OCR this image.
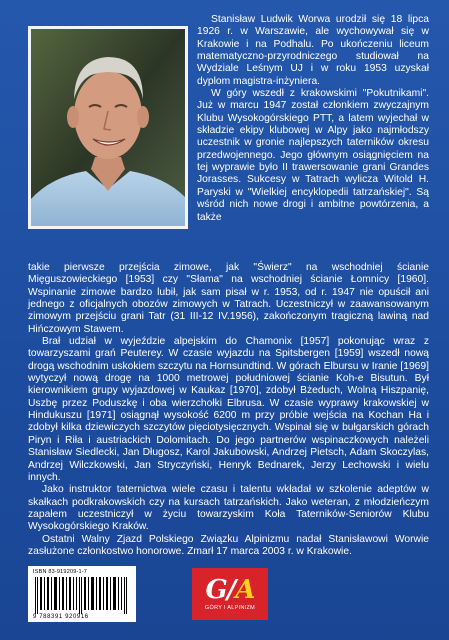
Stanisław Ludwik Worwa urodził się 18 lipca 1926 r. w Warszawie, ale wychowywał się w Krakowie i na Podhalu. Po ukończeniu liceum matematyczno-przyrodniczego studiował na Wydziale Leśnym UJ i w roku 1953 uzyskał dyplom magistra-inżyniera.

W góry wszedł z krakowskimi "Pokutnikami". Już w marcu 1947 został członkiem zwyczajnym Klubu Wysokogórskiego PTT, a latem wyjechał w składzie ekipy klubowej w Alpy jako najmłodszy uczestnik w gronie najlepszych taterników okresu przedwojennego. Jego głównym osiągnięciem na tej wyprawie było II trawersowanie grani Grandes Jorasses. Sukcesy w Tatrach wylicza Witold H. Paryski w "Wielkiej encyklopedii tatrzańskiej". Są wśród nich nowe drogi i ambitne powtórzenia, a także

takie pierwsze przejścia zimowe, jak "Świerz" na wschodniej ścianie Mięguszowieckiego [1953] czy "Słama" na wschodniej ścianie Łomnicy [1960]. Wspinanie zimowe bardzo lubił, jak sam pisał w r. 1953, od r. 1947 nie opuścił ani jednego z oficjalnych obozów zimowych w Tatrach. Uczestniczył w zaawansowanym zimowym przejściu grani Tatr (31 III-12 IV.1956), zakończonym tragiczną lawiną nad Hińczowym Stawem.

Brał udział w wyjeździe alpejskim do Chamonix [1957] pokonując wraz z towarzyszami grań Peuterey. W czasie wyjazdu na Spitsbergen [1959] wszedł nową drogą wschodnim uskokiem szczytu na Hornsundtind. W górach Elbursu w Iranie [1969] wytyczył nową drogę na 1000 metrowej południowej ścianie Koh-e Bisutun. Był kierownikiem grupy wyjazdowej w Kaukaz [1970], zdobył Bżeduch, Wolną Hiszpanię, Uszbę przez Poduszkę i oba wierzchołki Elbrusa. W czasie wyprawy krakowskiej w Hindukuszu [1971] osiągnął wysokość 6200 m przy próbie wejścia na Kochan Ha i zdobył kilka dziewiczych szczytów pięciotysięcznych. Wspinał się w bułgarskich górach Piryn i Riła i austriackich Dolomitach. Do jego partnerów wspinaczkowych należeli Stanisław Siedlecki, Jan Długosz, Karol Jakubowski, Andrzej Pietsch, Adam Skoczylas, Andrzej Wilczkowski, Jan Stryczyński, Henryk Bednarek, Jerzy Lechowski i wielu innych.

Jako instruktor taternictwa wiele czasu i talentu wkładał w szkolenie adeptów w skałkach podkrakowskich czy na kursach tatrzańskich. Jako weteran, z młodzieńczym zapałem uczestniczył w życiu towarzyskim Koła Taterników-Seniorów Klubu Wysokogórskiego Kraków.

Ostatni Walny Zjazd Polskiego Związku Alpinizmu nadał Stanisławowi Worwie zasłużone członkostwo honorowe. Zmarł 17 marca 2003 r. w Krakowie.

ISBN 83-919209-1-7
9 788391 920916
G/A
GÓRY I ALPINIZM
